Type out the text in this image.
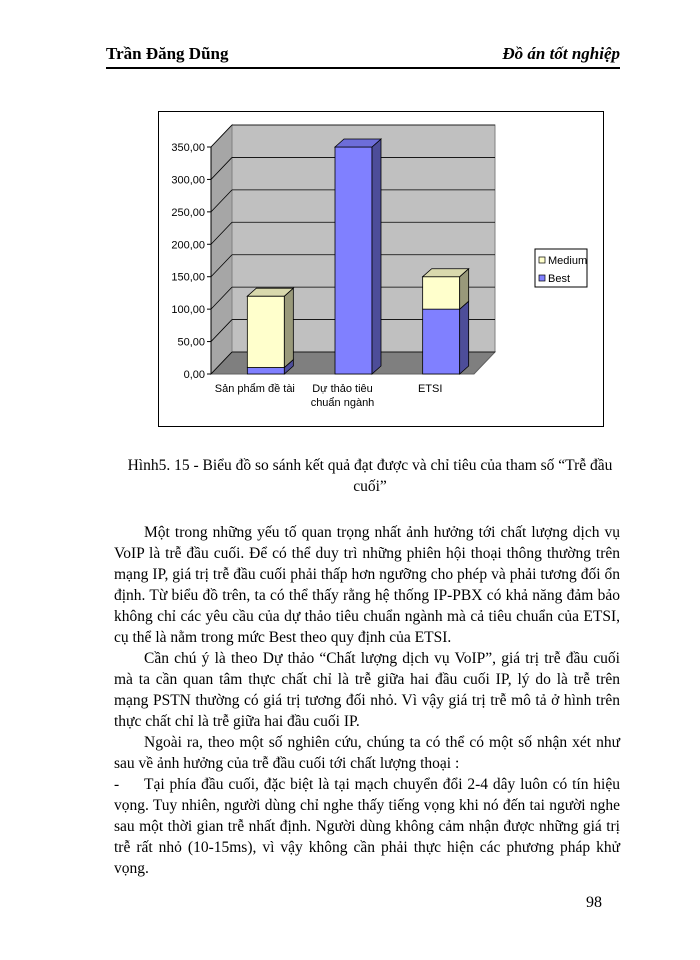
Trần Đăng Dũng	Đồ án tốt nghiệp
0,00
50,00
100,00
150,00
200,00
250,00
300,00
350,00
Sản phẩm đề tài Dự thảo tiêu
chuẩn ngành
ETSI
Medium
Best
Hình5. 15 - Biểu đồ so sánh kết quả đạt được và chỉ tiêu của tham số “Trễ đầu cuối”

Một trong những yếu tố quan trọng nhất ảnh hưởng tới chất lượng dịch vụ VoIP là trễ đầu cuối. Để có thể duy trì những phiên hội thoại thông thường trên mạng IP, giá trị trễ đầu cuối phải thấp hơn ngưỡng cho phép và phải tương đối ổn định. Từ biểu đồ trên, ta có thể thấy rằng hệ thống IP-PBX có khả năng đảm bảo không chỉ các yêu cầu của dự thảo tiêu chuẩn ngành mà cả tiêu chuẩn của ETSI, cụ thể là nằm trong mức Best theo quy định của ETSI.

Cần chú ý là theo Dự thảo “Chất lượng dịch vụ VoIP”, giá trị trễ đầu cuối mà ta cần quan tâm thực chất chỉ là trễ giữa hai đầu cuối IP, lý do là trễ trên mạng PSTN thường có giá trị tương đối nhỏ. Vì vậy giá trị trễ mô tả ở hình trên thực chất chỉ là trễ giữa hai đầu cuối IP.

Ngoài ra, theo một số nghiên cứu, chúng ta có thể có một số nhận xét như sau về ảnh hưởng của trễ đầu cuối tới chất lượng thoại :

- Tại phía đầu cuối, đặc biệt là tại mạch chuyển đổi 2-4 dây luôn có tín hiệu vọng. Tuy nhiên, người dùng chỉ nghe thấy tiếng vọng khi nó đến tai người nghe sau một thời gian trễ nhất định. Người dùng không cảm nhận được những giá trị trễ rất nhỏ (10-15ms), vì vậy không cần phải thực hiện các phương pháp khử vọng.

98
